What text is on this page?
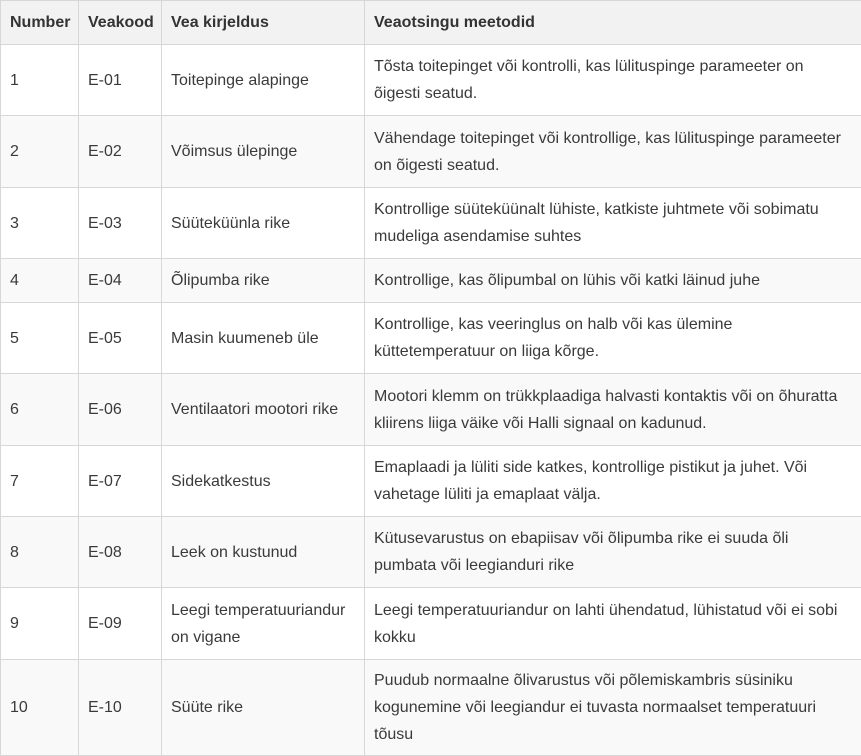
Number	Veakood	Vea kirjeldus	Veaotsingu meetodid
1	E-01	Toitepinge alapinge	Tõsta toitepinget või kontrolli, kas lülituspinge parameeter on õigesti seatud.
2	E-02	Võimsus ülepinge	Vähendage toitepinget või kontrollige, kas lülituspinge parameeter on õigesti seatud.
3	E-03	Süüteküünla rike	Kontrollige süüteküünalt lühiste, katkiste juhtmete või sobimatu mudeliga asendamise suhtes
4	E-04	Õlipumba rike	Kontrollige, kas õlipumbal on lühis või katki läinud juhe
5	E-05	Masin kuumeneb üle	Kontrollige, kas veeringlus on halb või kas ülemine küttetemperatuur on liiga kõrge.
6	E-06	Ventilaatori mootori rike	Mootori klemm on trükkplaadiga halvasti kontaktis või on õhuratta kliirens liiga väike või Halli signaal on kadunud.
7	E-07	Sidekatkestus	Emaplaadi ja lüliti side katkes, kontrollige pistikut ja juhet. Või vahetage lüliti ja emaplaat välja.
8	E-08	Leek on kustunud	Kütusevarustus on ebapiisav või õlipumba rike ei suuda õli pumbata või leegianduri rike
9	E-09	Leegi temperatuuriandur on vigane	Leegi temperatuuriandur on lahti ühendatud, lühistatud või ei sobi kokku
10	E-10	Süüte rike	Puudub normaalne õlivarustus või põlemiskambris süsiniku kogunemine või leegiandur ei tuvasta normaalset temperatuuri tõusu
